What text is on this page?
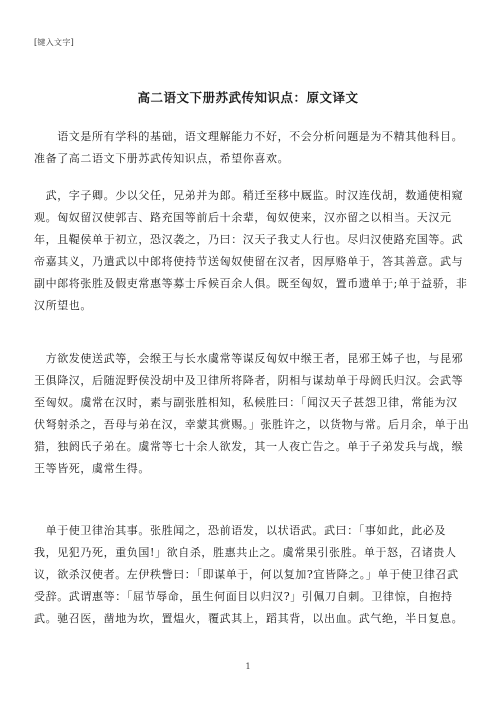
[键入文字]
高二语文下册苏武传知识点：原文译文

　　语文是所有学科的基础，语文理解能力不好，不会分析问题是为不精其他科目。
准备了高二语文下册苏武传知识点，希望你喜欢。

　武，字子卿。少以父任，兄弟并为郎。稍迁至移中厩监。时汉连伐胡，数通使相窥
观。匈奴留汉使郭吉、路充国等前后十余辈，匈奴使来，汉亦留之以相当。天汉元
年，且鞮侯单于初立，恐汉袭之，乃曰：汉天子我丈人行也。尽归汉使路充国等。武
帝嘉其义，乃遣武以中郎将使持节送匈奴使留在汉者，因厚赂单于，答其善意。武与
副中郎将张胜及假吏常惠等募士斥候百余人俱。既至匈奴，置币遗单于;单于益骄，非
汉所望也。

　方欲发使送武等，会缑王与长水虞常等谋反匈奴中缑王者，昆邪王姊子也，与昆邪
王俱降汉，后随浞野侯没胡中及卫律所将降者，阴相与谋劫单于母阏氏归汉。会武等
至匈奴。虞常在汉时，素与副张胜相知，私候胜曰：「闻汉天子甚怨卫律，常能为汉
伏弩射杀之，吾母与弟在汉，幸蒙其赏赐。」张胜许之，以货物与常。后月余，单于出
猎，独阏氏子弟在。虞常等七十余人欲发，其一人夜亡告之。单于子弟发兵与战，缑
王等皆死，虞常生得。

　单于使卫律治其事。张胜闻之，恐前语发，以状语武。武曰：「事如此，此必及
我，见犯乃死，重负国!」欲自杀，胜惠共止之。虞常果引张胜。单于怒，召诸贵人
议，欲杀汉使者。左伊秩訾曰：「即谋单于，何以复加?宜皆降之。」单于使卫律召武
受辞。武谓惠等：「屈节辱命，虽生何面目以归汉?」引佩刀自刺。卫律惊，自抱持
武。驰召医，凿地为坎，置煴火，覆武其上，蹈其背，以出血。武气绝，半日复息。

1
